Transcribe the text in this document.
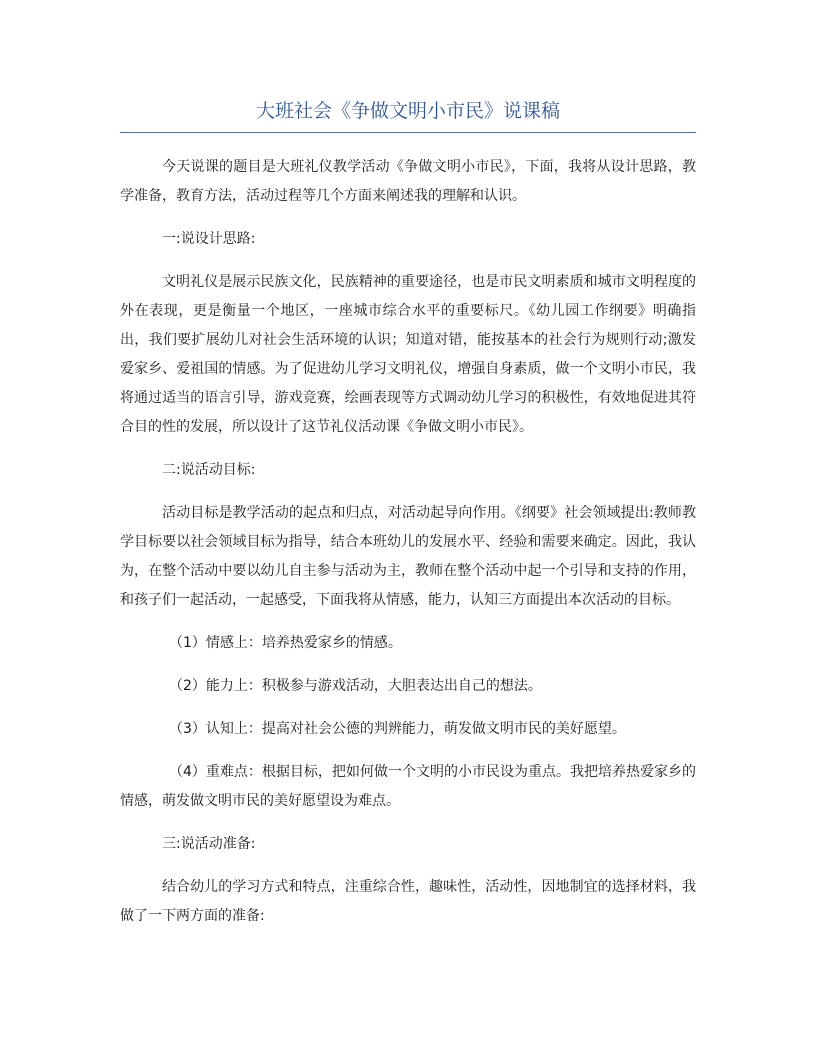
大班社会《争做文明小市民》说课稿

今天说课的题目是大班礼仪教学活动《争做文明小市民》，下面，我将从设计思路，教学准备，教育方法，活动过程等几个方面来阐述我的理解和认识。

一:说设计思路:

文明礼仪是展示民族文化，民族精神的重要途径，也是市民文明素质和城市文明程度的外在表现，更是衡量一个地区，一座城市综合水平的重要标尺。《幼儿园工作纲要》明确指出，我们要扩展幼儿对社会生活环境的认识；知道对错，能按基本的社会行为规则行动;激发爱家乡、爱祖国的情感。为了促进幼儿学习文明礼仪，增强自身素质，做一个文明小市民，我将通过适当的语言引导，游戏竞赛，绘画表现等方式调动幼儿学习的积极性，有效地促进其符合目的性的发展，所以设计了这节礼仪活动课《争做文明小市民》。

二:说活动目标:

活动目标是教学活动的起点和归点，对活动起导向作用。《纲要》社会领域提出:教师教学目标要以社会领域目标为指导，结合本班幼儿的发展水平、经验和需要来确定。因此，我认为，在整个活动中要以幼儿自主参与活动为主，教师在整个活动中起一个引导和支持的作用，和孩子们一起活动，一起感受，下面我将从情感，能力，认知三方面提出本次活动的目标。

（1）情感上：培养热爱家乡的情感。

（2）能力上：积极参与游戏活动，大胆表达出自己的想法。

（3）认知上：提高对社会公德的判辨能力，萌发做文明市民的美好愿望。

（4）重难点：根据目标，把如何做一个文明的小市民设为重点。我把培养热爱家乡的情感，萌发做文明市民的美好愿望设为难点。

三:说活动准备:

结合幼儿的学习方式和特点，注重综合性，趣味性，活动性，因地制宜的选择材料，我做了一下两方面的准备:
